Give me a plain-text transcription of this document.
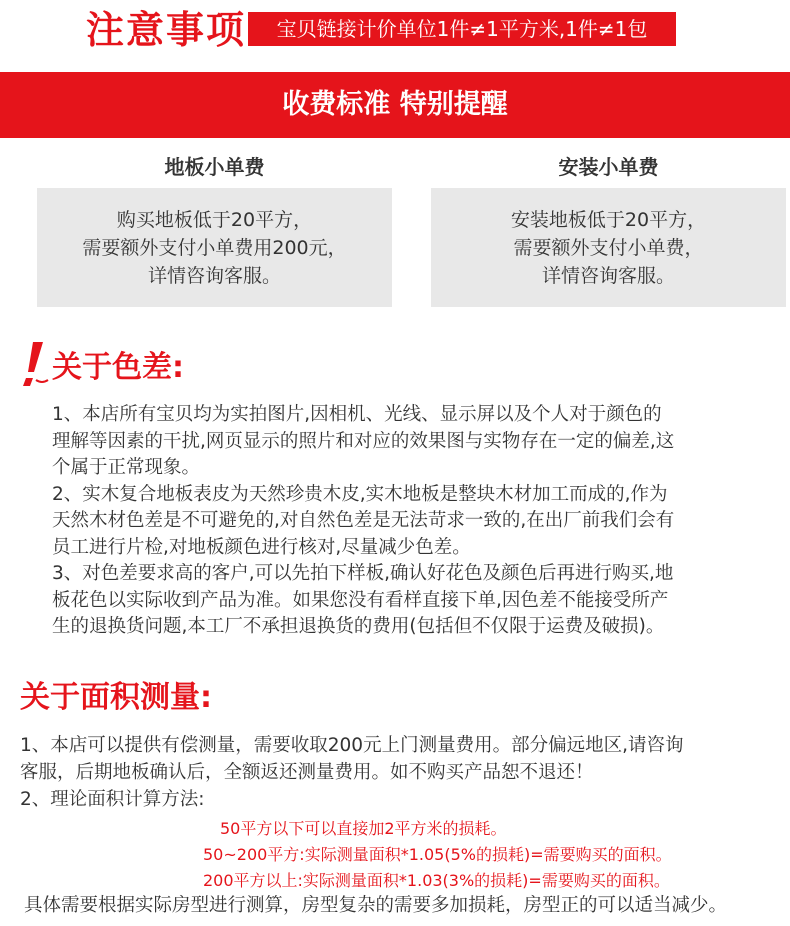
注意事项	宝贝链接计价单位1件≠1平方米,1件≠1包
收费标准 特别提醒
地板小单费	安装小单费
购买地板低于20平方，
需要额外支付小单费用200元，
详情咨询客服。
安装地板低于20平方，
需要额外支付小单费，
详情咨询客服。
关于色差:
1、本店所有宝贝均为实拍图片,因相机、光线、显示屏以及个人对于颜色的
理解等因素的干扰,网页显示的照片和对应的效果图与实物存在一定的偏差,这
个属于正常现象。
2、实木复合地板表皮为天然珍贵木皮,实木地板是整块木材加工而成的,作为
天然木材色差是不可避免的,对自然色差是无法苛求一致的,在出厂前我们会有
员工进行片检,对地板颜色进行核对,尽量减少色差。
3、对色差要求高的客户,可以先拍下样板,确认好花色及颜色后再进行购买,地
板花色以实际收到产品为准。如果您没有看样直接下单,因色差不能接受所产
生的退换货问题,本工厂不承担退换货的费用(包括但不仅限于运费及破损)。
关于面积测量:
1、本店可以提供有偿测量，需要收取200元上门测量费用。部分偏远地区,请咨询
客服，后期地板确认后，全额返还测量费用。如不购买产品恕不退还！
2、理论面积计算方法:
50平方以下可以直接加2平方米的损耗。
50~200平方:实际测量面积*1.05(5%的损耗)=需要购买的面积。
200平方以上:实际测量面积*1.03(3%的损耗)=需要购买的面积。
具体需要根据实际房型进行测算，房型复杂的需要多加损耗，房型正的可以适当减少。
